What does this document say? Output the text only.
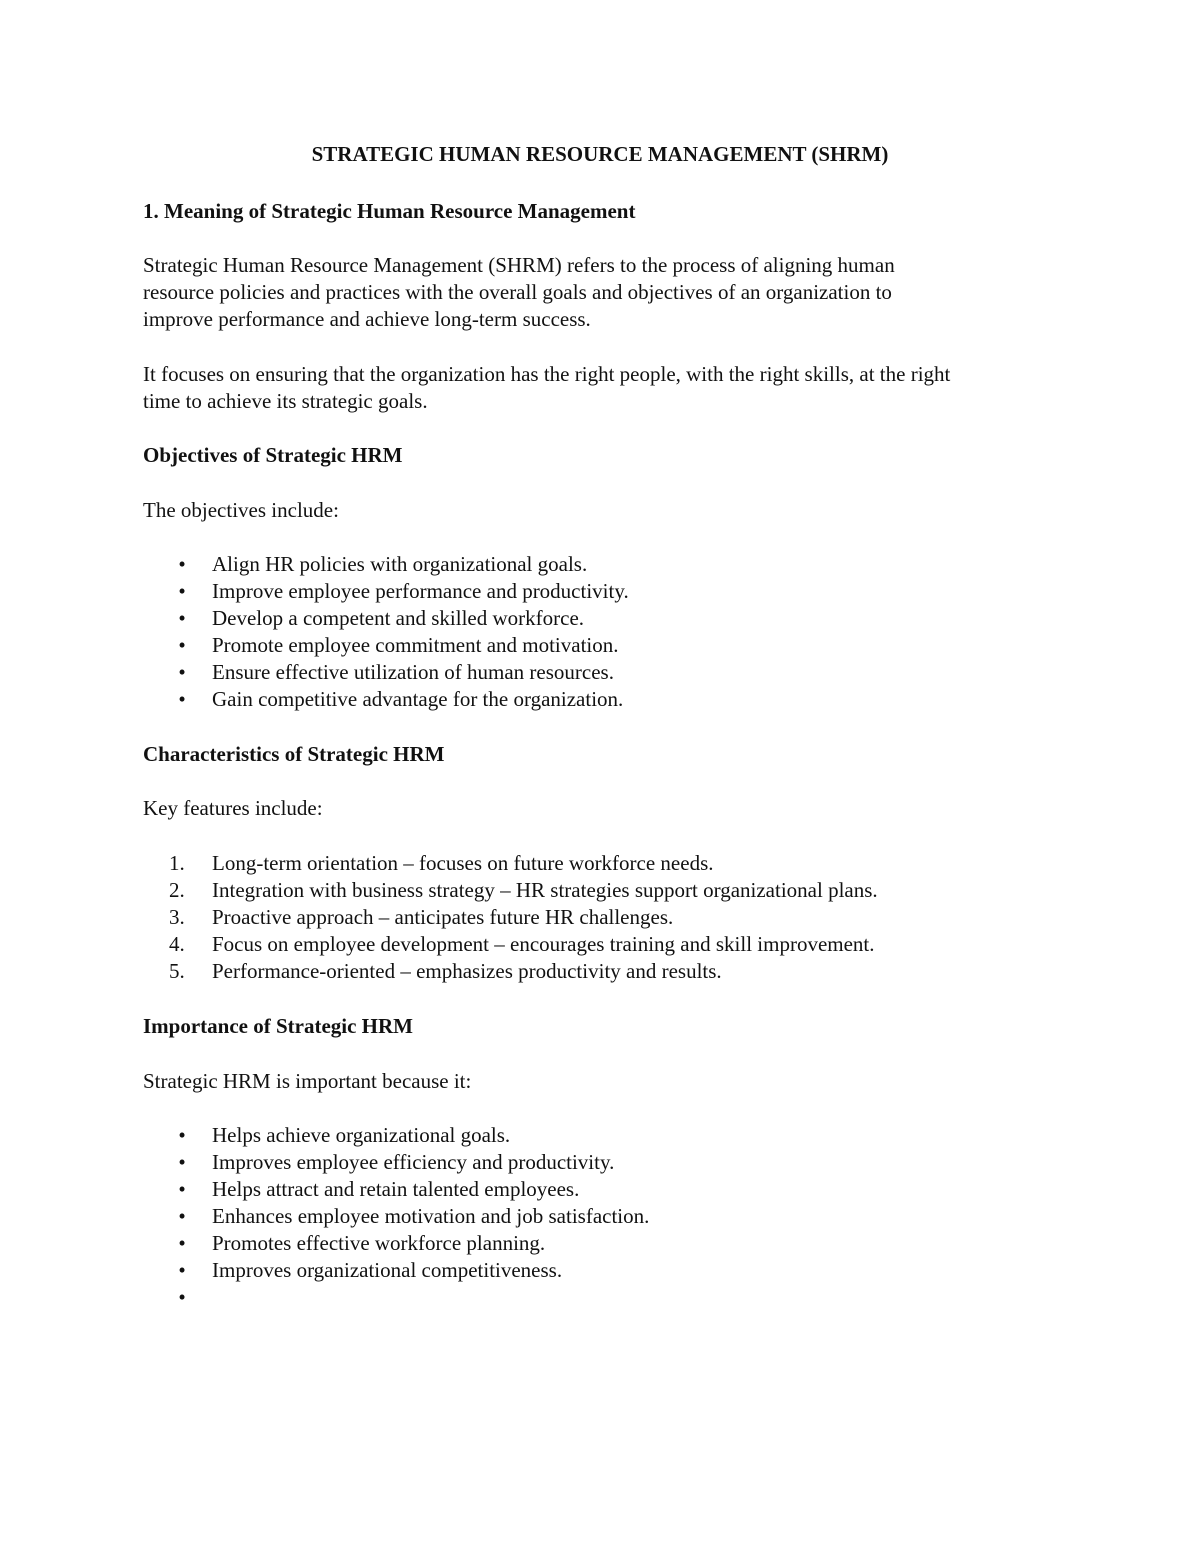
STRATEGIC HUMAN RESOURCE MANAGEMENT (SHRM)
1. Meaning of Strategic Human Resource Management
Strategic Human Resource Management (SHRM) refers to the process of aligning human
resource policies and practices with the overall goals and objectives of an organization to
improve performance and achieve long-term success.
It focuses on ensuring that the organization has the right people, with the right skills, at the right
time to achieve its strategic goals.
Objectives of Strategic HRM

The objectives include:

• Align HR policies with organizational goals.
• Improve employee performance and productivity.
• Develop a competent and skilled workforce.
• Promote employee commitment and motivation.
• Ensure effective utilization of human resources.
• Gain competitive advantage for the organization.
Characteristics of Strategic HRM

Key features include:

1.	Long-term orientation – focuses on future workforce needs.
2.	Integration with business strategy – HR strategies support organizational plans.
3.	Proactive approach – anticipates future HR challenges.
4.	Focus on employee development – encourages training and skill improvement.
5.	Performance-oriented – emphasizes productivity and results.
Importance of Strategic HRM

Strategic HRM is important because it:

• Helps achieve organizational goals.
• Improves employee efficiency and productivity.
• Helps attract and retain talented employees.
• Enhances employee motivation and job satisfaction.
• Promotes effective workforce planning.
• Improves organizational competitiveness.
•
